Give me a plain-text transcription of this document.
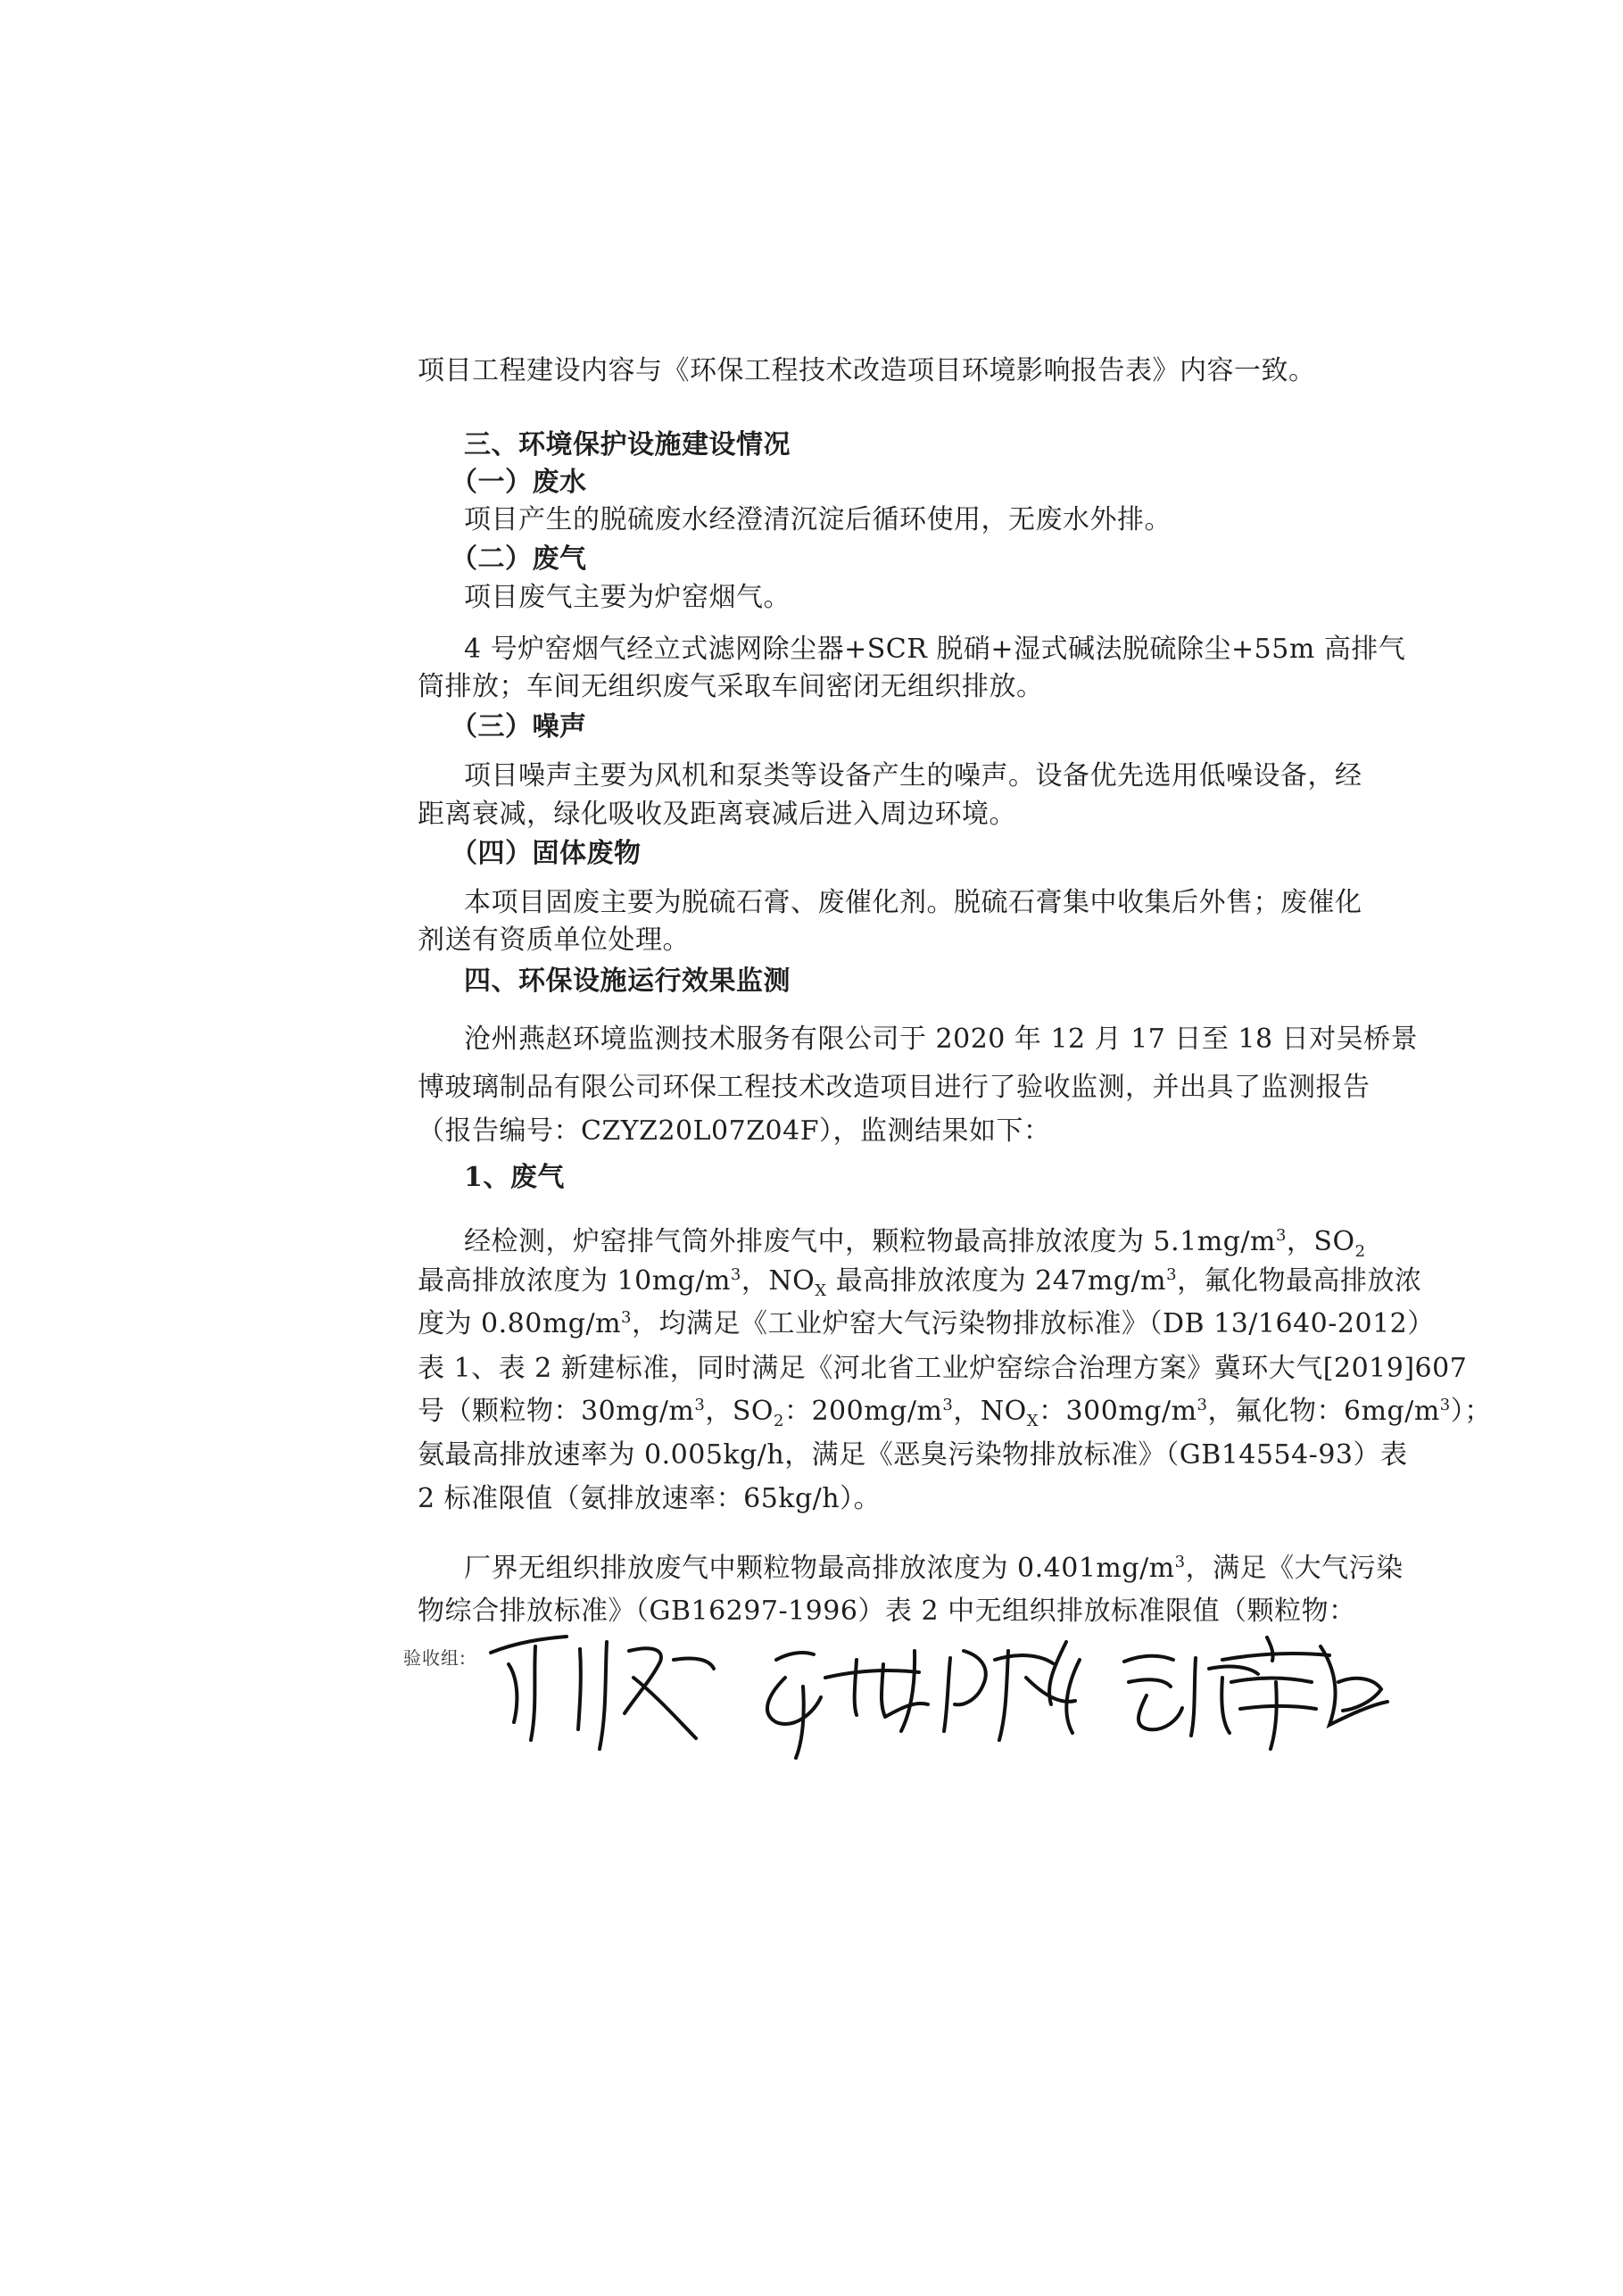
项目工程建设内容与《环保工程技术改造项目环境影响报告表》内容一致。

三、环境保护设施建设情况

（一）废水

项目产生的脱硫废水经澄清沉淀后循环使用，无废水外排。

（二）废气

项目废气主要为炉窑烟气。

4 号炉窑烟气经立式滤网除尘器+SCR 脱硝+湿式碱法脱硫除尘+55m 高排气

筒排放；车间无组织废气采取车间密闭无组织排放。

（三）噪声

项目噪声主要为风机和泵类等设备产生的噪声。设备优先选用低噪设备，经

距离衰减，绿化吸收及距离衰减后进入周边环境。

（四）固体废物

本项目固废主要为脱硫石膏、废催化剂。脱硫石膏集中收集后外售；废催化

剂送有资质单位处理。

四、环保设施运行效果监测

沧州燕赵环境监测技术服务有限公司于 2020 年 12 月 17 日至 18 日对吴桥景

博玻璃制品有限公司环保工程技术改造项目进行了验收监测，并出具了监测报告

（报告编号：CZYZ20L07Z04F），监测结果如下：

1、废气

经检测，炉窑排气筒外排废气中，颗粒物最高排放浓度为 $5.1mg/m^3$，$SO_2$

最高排放浓度为 $10mg/m^3$，$NO_X$ 最高排放浓度为 $247mg/m^3$，氟化物最高排放浓

度为 $0.80mg/m^3$，均满足《工业炉窑大气污染物排放标准》（DB 13/1640-2012）

表 1、表 2 新建标准，同时满足《河北省工业炉窑综合治理方案》冀环大气[2019]607

号（颗粒物：$30mg/m^3$，$SO_2$：$200mg/m^3$，$NO_X$：$300mg/m^3$，氟化物：$6mg/m^3$）；

氨最高排放速率为 0.005kg/h，满足《恶臭污染物排放标准》（GB14554-93）表

2 标准限值（氨排放速率：65kg/h）。

厂界无组织排放废气中颗粒物最高排放浓度为 $0.401mg/m^3$，满足《大气污染

物综合排放标准》（GB16297-1996）表 2 中无组织排放标准限值（颗粒物：

验收组:
